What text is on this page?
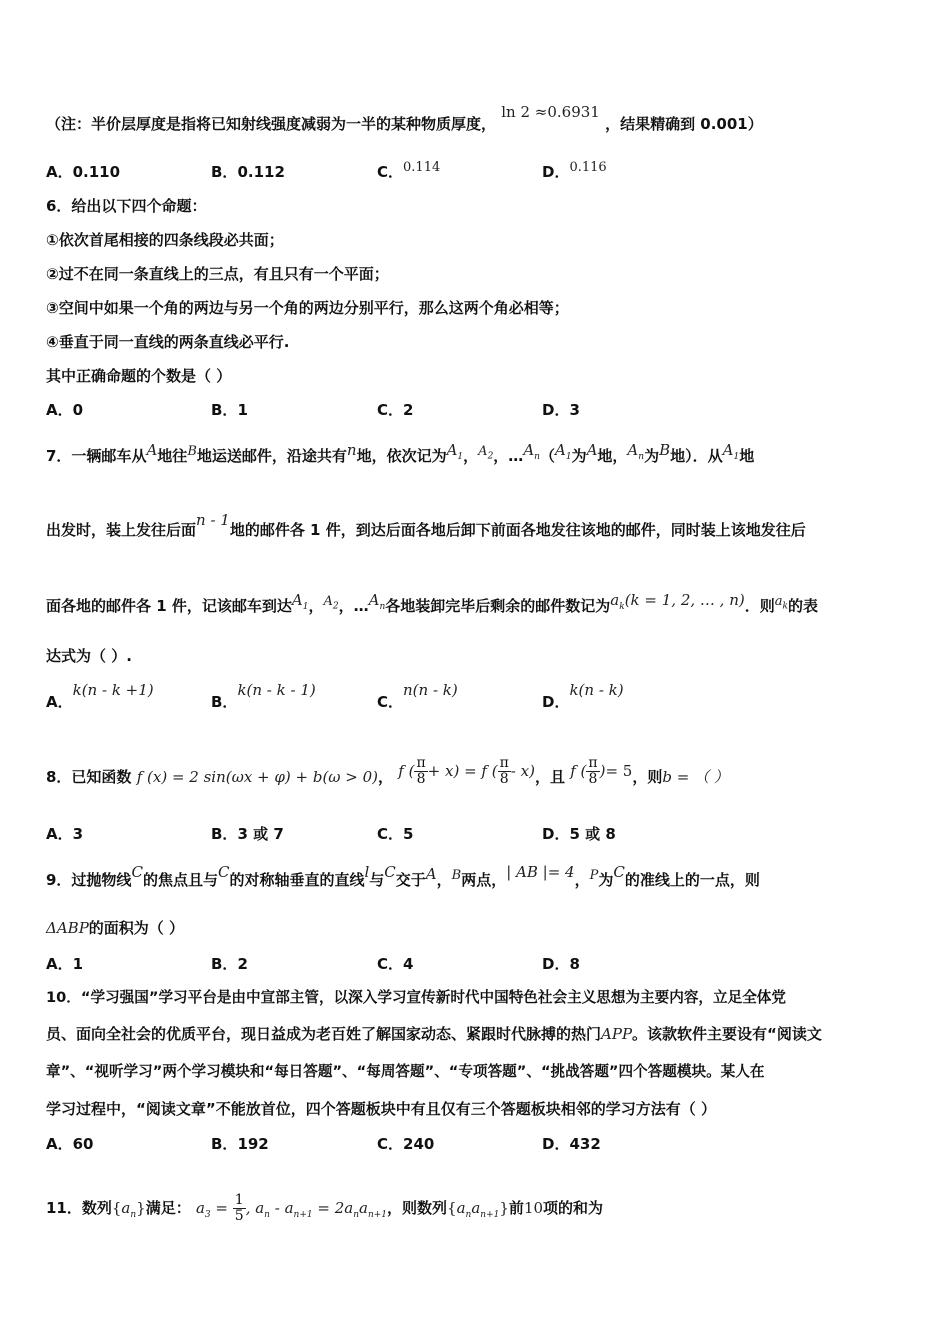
（注：半价层厚度是指将已知射线强度减弱为一半的某种物质厚度， ln 2 ≈0.6931 ，结果精确到 0.001）
A．0.110	B．0.112	C．0.114	D．0.116
6．给出以下四个命题：
①依次首尾相接的四条线段必共面；
②过不在同一条直线上的三点，有且只有一个平面；
③空间中如果一个角的两边与另一个角的两边分别平行，那么这两个角必相等；
④垂直于同一直线的两条直线必平行.
其中正确命题的个数是（ ）
A．0	B．1	C．2	D．3
7．一辆邮车从A地往B地运送邮件，沿途共有n地，依次记为$A_1$，$A_2$，$\dots A_n(A_1$为A地，$A_n$为B地）．从$A_1$地
出发时，装上发往后面n - 1地的邮件各 1 件，到达后面各地后卸下前面各地发往该地的邮件，同时装上该地发往后
面各地的邮件各 1 件，记该邮车到达$A_1$，$A_2$，$\dots A_n$各地装卸完毕后剩余的邮件数记为$a_k(k = 1$, 2, … , n)．则$a_k$的表
达式为（ ）.
A．k(n - k +1)
B．k(n - k - 1)
C．n(n - k)
D．k(n - k)
8．已知函数 f (x) = 2 sin(ωx + φ) + b(ω > 0)， f ( $\frac{\pi}{8} + x) = f$ ( $\frac{\pi}{8} - x$)，且 f ( $\frac{\pi}{8}$ )= 5，则b = （ ）
A．3	B．3 或 7	C．5	D．5 或 8
9．过抛物线C的焦点且与C的对称轴垂直的直线l与C交于A，B两点，| AB |= 4，P为C的准线上的一点，则
ΔABP的面积为（ ）
A．1	B．2	C．4	D．8
10．“学习强国”学习平台是由中宣部主管，以深入学习宣传新时代中国特色社会主义思想为主要内容，立足全体党
员、面向全社会的优质平台，现日益成为老百姓了解国家动态、紧跟时代脉搏的热门APP。该款软件主要设有“阅读文
章”、“视听学习”两个学习模块和“每日答题”、“每周答题”、“专项答题”、“挑战答题”四个答题模块。某人在
学习过程中，“阅读文章”不能放首位，四个答题板块中有且仅有三个答题板块相邻的学习方法有（ ）
A．60	B．192	C．240	D．432
11．数列$\{a_n\}$满足： $a_3 = \frac{1}{5}$ , $a_n - a_{n+1} = 2a_na_{n+1}$，则数列$\{a_na_{n+1}\}$前10项的和为
